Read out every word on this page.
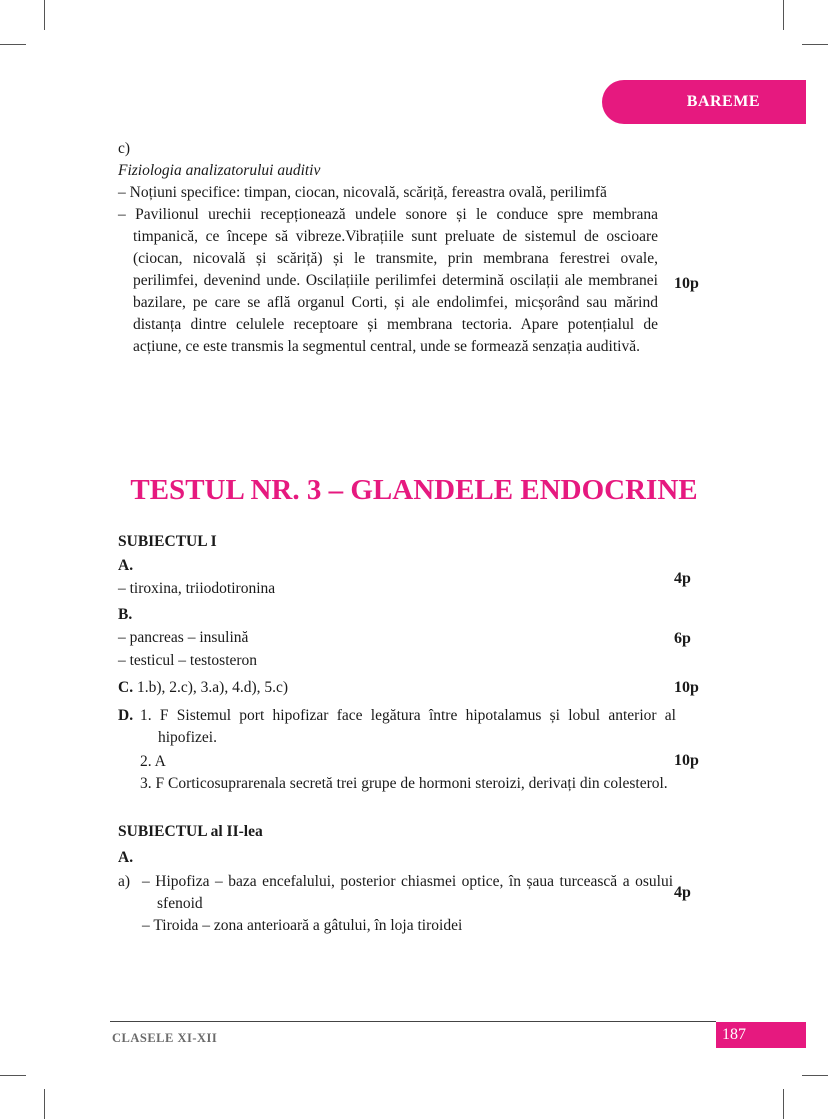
BAREME
c)
Fiziologia analizatorului auditiv
– Noțiuni specifice: timpan, ciocan, nicovală, scăriță, fereastra ovală, perilimfă
– Pavilionul urechii recepționează undele sonore și le conduce spre membrana timpanică, ce începe să vibreze.Vibrațiile sunt preluate de sistemul de oscioare (ciocan, nicovală și scăriță) și le transmite, prin membrana ferestrei ovale, perilimfei, devenind unde. Oscilațiile perilimfei determină oscilații ale membranei bazilare, pe care se află organul Corti, și ale endolimfei, micșorând sau mărind distanța dintre celulele receptoare și membrana tectoria. Apare potențialul de acțiune, ce este transmis la segmentul central, unde se formează senzația auditivă.
10p
TESTUL NR. 3 – GLANDELE ENDOCRINE
SUBIECTUL I
A.
– tiroxina, triiodotironina
4p
B.
– pancreas – insulină
– testicul – testosteron
6p
C. 1.b), 2.c), 3.a), 4.d), 5.c)	10p
D. 1. F Sistemul port hipofizar face legătura între hipotalamus și lobul anterior al hipofizei.
2. A
3. F Corticosuprarenala secretă trei grupe de hormoni steroizi, derivați din colesterol.
10p
SUBIECTUL al II-lea
A.
a) – Hipofiza – baza encefalului, posterior chiasmei optice, în șaua turcească a osului sfenoid
– Tiroida – zona anterioară a gâtului, în loja tiroidei
4p
CLASELE XI-XII	187
